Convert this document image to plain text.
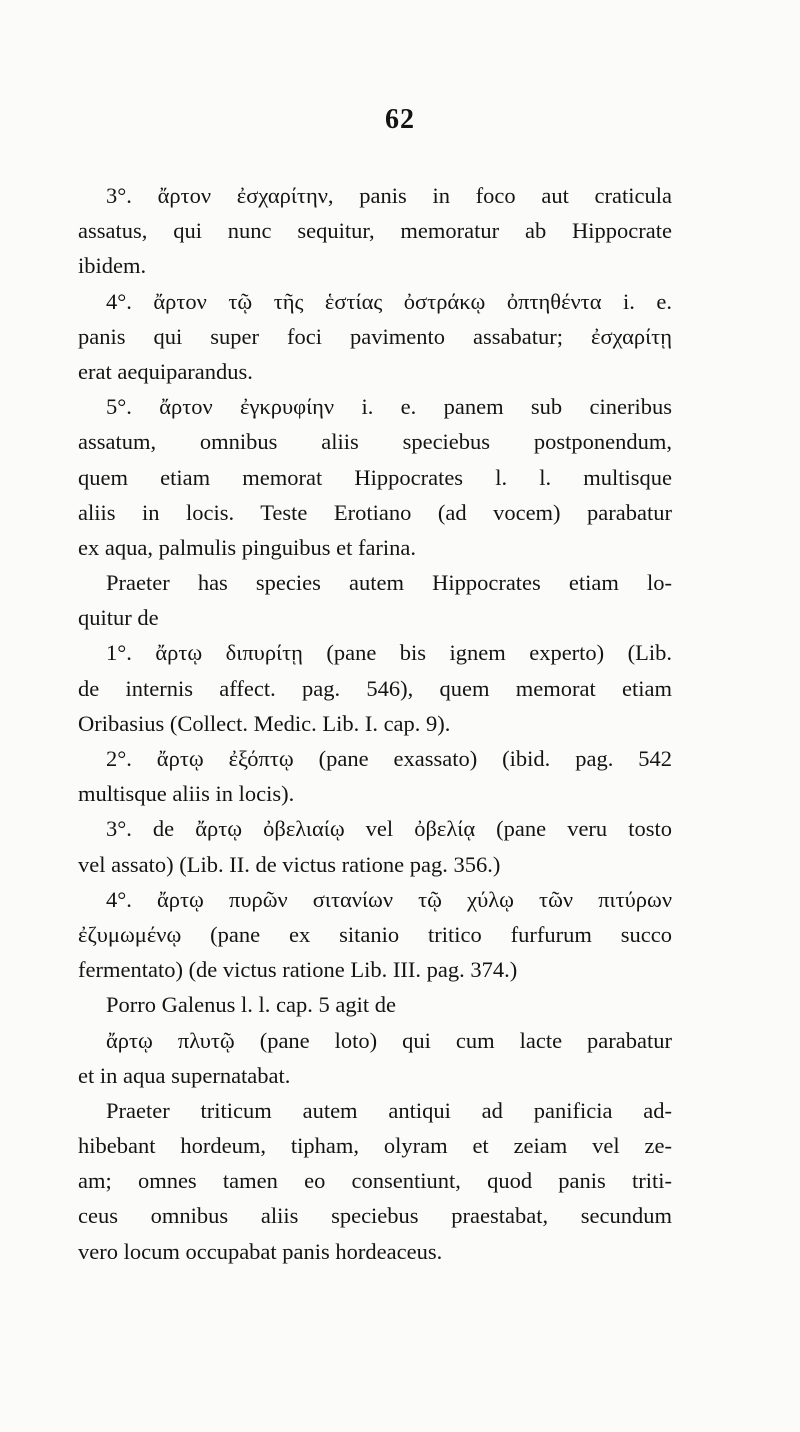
62
3°. ἄρτον ἐσχαρίτην, panis in foco aut craticula
assatus, qui nunc sequitur, memoratur ab Hippocrate
ibidem.
4°. ἄρτον τῷ τῆς ἑστίας ὀστράκῳ ὀπτηθέντα i. e.
panis qui super foci pavimento assabatur; ἐσχαρίτῃ
erat aequiparandus.
5°. ἄρτον ἐγκρυφίην i. e. panem sub cineribus
assatum, omnibus aliis speciebus postponendum,
quem etiam memorat Hippocrates l. l. multisque
aliis in locis. Teste Erotiano (ad vocem) parabatur
ex aqua, palmulis pinguibus et farina.
Praeter has species autem Hippocrates etiam lo-
quitur de
1°. ἄρτῳ διπυρίτῃ (pane bis ignem experto) (Lib.
de internis affect. pag. 546), quem memorat etiam
Oribasius (Collect. Medic. Lib. I. cap. 9).
2°. ἄρτῳ ἐξόπτῳ (pane exassato) (ibid. pag. 542
multisque aliis in locis).
3°. de ἄρτῳ ὀβελιαίῳ vel ὀβελίᾳ (pane veru tosto
vel assato) (Lib. II. de victus ratione pag. 356.)
4°. ἄρτῳ πυρῶν σιτανίων τῷ χύλῳ τῶν πιτύρων
ἐζυμωμένῳ (pane ex sitanio tritico furfurum succo
fermentato) (de victus ratione Lib. III. pag. 374.)
Porro Galenus l. l. cap. 5 agit de
ἄρτῳ πλυτῷ (pane loto) qui cum lacte parabatur
et in aqua supernatabat.
Praeter triticum autem antiqui ad panificia ad-
hibebant hordeum, tipham, olyram et zeiam vel ze-
am; omnes tamen eo consentiunt, quod panis triti-
ceus omnibus aliis speciebus praestabat, secundum
vero locum occupabat panis hordeaceus.
